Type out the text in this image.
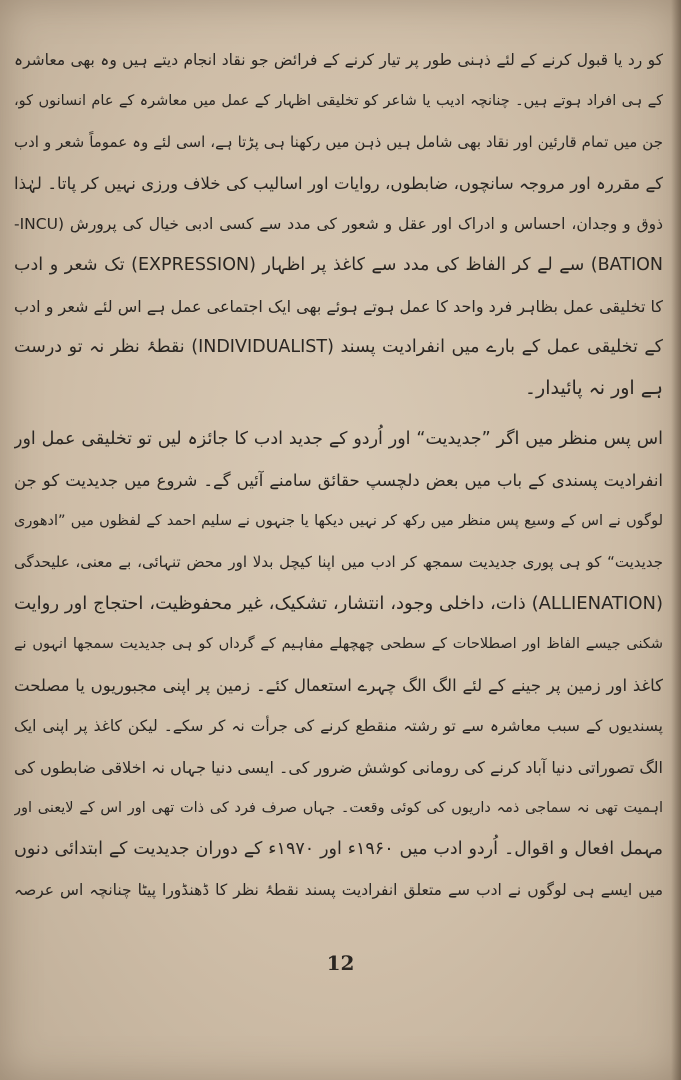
کو رد یا قبول کرنے کے لئے ذہنی طور پر تیار کرنے کے فرائض جو نقاد انجام دیتے ہیں وہ بھی معاشرہ
کے ہی افراد ہوتے ہیں۔ چنانچہ ادیب یا شاعر کو تخلیقی اظہار کے عمل میں معاشرہ کے عام انسانوں کو،
جن میں تمام قارئین اور نقاد بھی شامل ہیں ذہن میں رکھنا ہی پڑتا ہے، اسی لئے وہ عموماً شعر و ادب
کے مقررہ اور مروجہ سانچوں، ضابطوں، روایات اور اسالیب کی خلاف ورزی نہیں کر پاتا۔ لہٰذا
ذوق و وجدان، احساس و ادراک اور عقل و شعور کی مدد سے کسی ادبی خیال کی پرورش (INCU-
BATION) سے لے کر الفاظ کی مدد سے کاغذ پر اظہار (EXPRESSION) تک شعر و ادب
کا تخلیقی عمل بظاہر فرد واحد کا عمل ہوتے ہوئے بھی ایک اجتماعی عمل ہے اس لئے شعر و ادب
کے تخلیقی عمل کے بارے میں انفرادیت پسند (INDIVIDUALIST) نقطۂ نظر نہ تو درست
ہے اور نہ پائیدار۔
اس پس منظر میں اگر ”جدیدیت“ اور اُردو کے جدید ادب کا جائزہ لیں تو تخلیقی عمل اور
انفرادیت پسندی کے باب میں بعض دلچسپ حقائق سامنے آئیں گے۔ شروع میں جدیدیت کو جن
لوگوں نے اس کے وسیع پس منظر میں رکھ کر نہیں دیکھا یا جنہوں نے سلیم احمد کے لفظوں میں ”ادھوری
جدیدیت“ کو ہی پوری جدیدیت سمجھ کر ادب میں اپنا کیچل بدلا اور محض تنہائی، بے معنی، علیحدگی
(ALLIENATION) ذات، داخلی وجود، انتشار، تشکیک، غیر محفوظیت، احتجاج اور روایت
شکنی جیسے الفاظ اور اصطلاحات کے سطحی چھچھلے مفاہیم کے گرداں کو ہی جدیدیت سمجھا انہوں نے
کاغذ اور زمین پر جینے کے لئے الگ الگ چہرے استعمال کئے۔ زمین پر اپنی مجبوریوں یا مصلحت
پسندیوں کے سبب معاشرہ سے تو رشتہ منقطع کرنے کی جرأت نہ کر سکے۔ لیکن کاغذ پر اپنی ایک
الگ تصوراتی دنیا آباد کرنے کی رومانی کوشش ضرور کی۔ ایسی دنیا جہاں نہ اخلاقی ضابطوں کی
اہمیت تھی نہ سماجی ذمہ داریوں کی کوئی وقعت۔ جہاں صرف فرد کی ذات تھی اور اس کے لایعنی اور
مہمل افعال و اقوال۔ اُردو ادب میں ۱۹۶۰ء اور ۱۹۷۰ء کے دوران جدیدیت کے ابتدائی دنوں
میں ایسے ہی لوگوں نے ادب سے متعلق انفرادیت پسند نقطۂ نظر کا ڈھنڈورا پیٹا چنانچہ اس عرصہ
12
